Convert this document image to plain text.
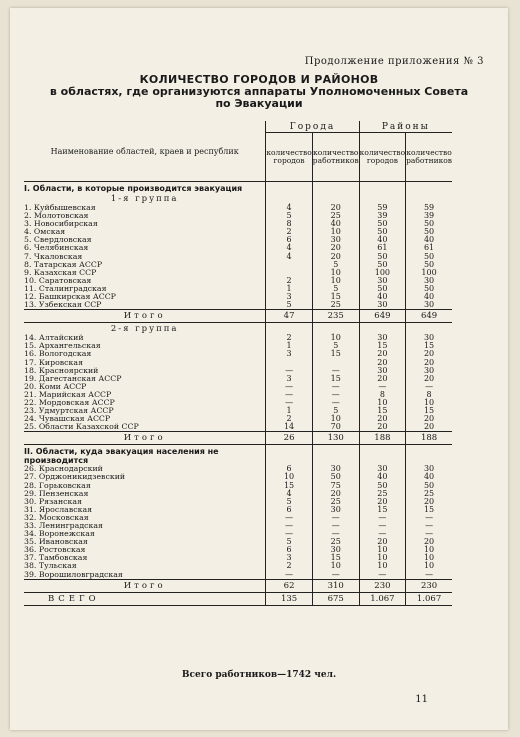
Продолжение приложения № 3
КОЛИЧЕСТВО ГОРОДОВ И РАЙОНОВ
в областях, где организуются аппараты Уполномоченных Совета
по Эвакуации
Наименование областей, краев и республик	Города		Районы	
	количество городов	количество работников	количество городов	количество работников
I. Области, в которые производится эвакуация				
1-я группа				
1. Куйбышевская	4	20	59	59
2. Молотовская	5	25	39	39
3. Новосибирская	8	40	50	50
4. Омская	2	10	50	50
5. Свердловская	6	30	40	40
6. Челябинская	4	20	61	61
7. Чкаловская	4	20	50	50
8. Татарская АССР		5	50	50
9. Казахская ССР		10	100	100
10. Саратовская	2	10	30	30
11. Сталинградская	1	5	50	50
12. Башкирская АССР	3	15	40	40
13. Узбекская ССР	5	25	30	30
Итого	47	235	649	649
2-я группа				
14. Алтайский	2	10	30	30
15. Архангельская	1	5	15	15
16. Вологодская	3	15	20	20
17. Кировская			20	20
18. Красноярский	—	—	30	30
19. Дагестанская АССР	3	15	20	20
20. Коми АССР	—	—	—	—
21. Марийская АССР	—	—	8	8
22. Мордовская АССР	—	—	10	10
23. Удмуртская АССР	1	5	15	15
24. Чувашская АССР	2	10	20	20
25. Области Казахской ССР	14	70	20	20
Итого	26	130	188	188
II. Области, куда эвакуация населения не производится				
26. Краснодарский	6	30	30	30
27. Орджоникидзевский	10	50	40	40
28. Горьковская	15	75	50	50
29. Пензенская	4	20	25	25
30. Рязанская	5	25	20	20
31. Ярославская	6	30	15	15
32. Московская	—	—	—	—
33. Ленинградская	—	—	—	—
34. Воронежская	—	—	—	—
35. Ивановская	5	25	20	20
36. Ростовская	6	30	10	10
37. Тамбовская	3	15	10	10
38. Тульская	2	10	10	10
39. Ворошиловградская	—	—	—	—
Итого	62	310	230	230
ВСЕГО	135	675	1.067	1.067
Всего работников—1742 чел.
11
